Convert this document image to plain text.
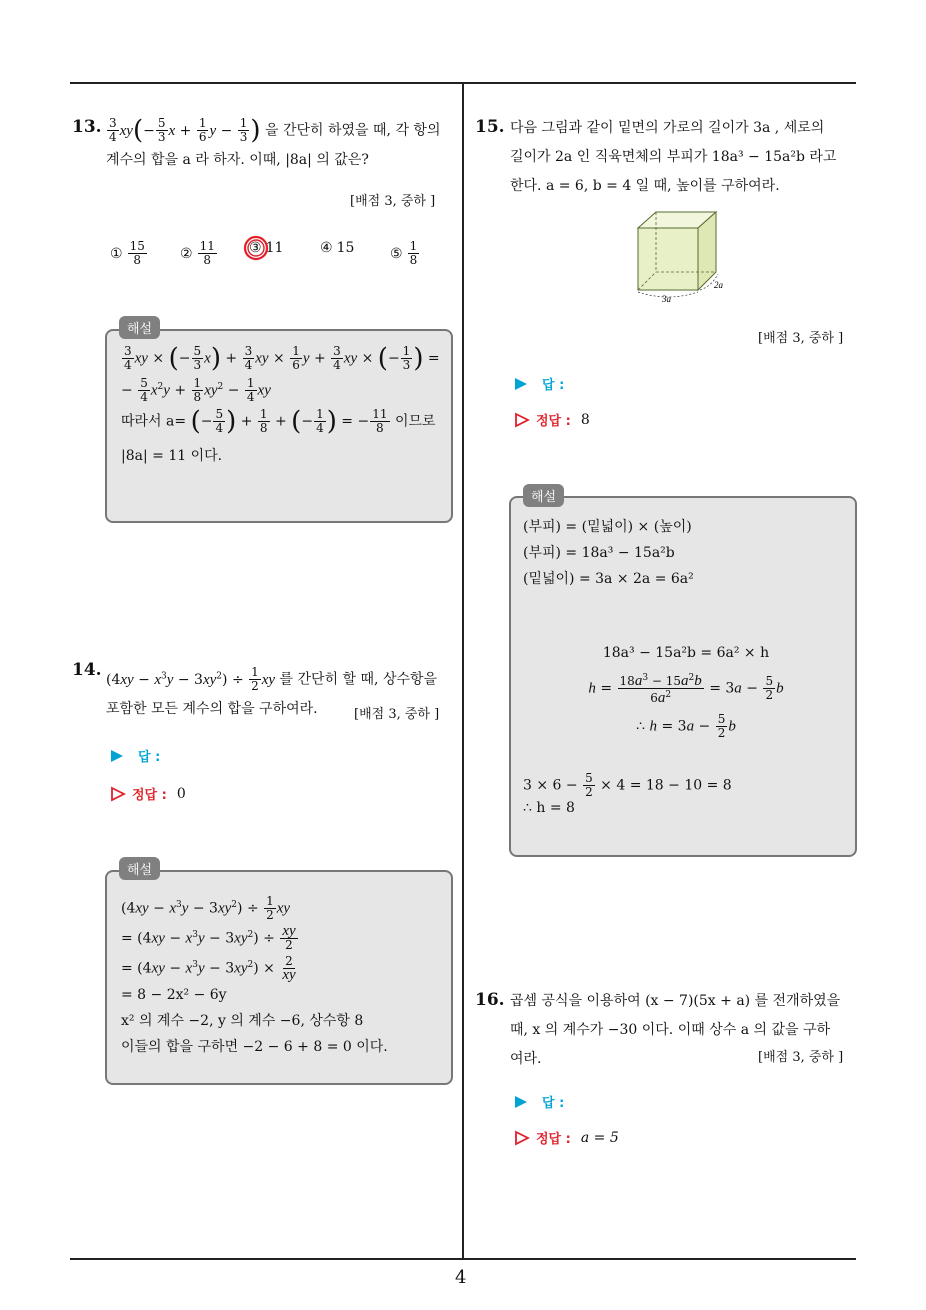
4
13. $\frac{3}{4} xy(- \frac{5}{3}$ $x + \frac{1}{6}$ $y - \frac{1}{3}$ ) 을 간단히 하였을 때, 각 항의
계수의 합을 a 라 하자. 이때, |8a| 의 값은?
[배점 3, 중하 ]
① $\frac{15}{8}$ ② $\frac{11}{8}$ ③ 11	④ 15	⑤ $\frac{1}{8}$
$\frac{3}{4}$ xy × (− $\frac{5}{3} x) + \frac{3}{4}$ xy × $\frac{1}{6}$ $y + \frac{3}{4}$ xy × (− $\frac{1}{3}$ ) =
− $\frac{5}{4} x^2y + \frac{1}{8} xy^2 - \frac{1}{4}$ xy
따라서 a= (− $\frac{5}{4}$ ) + $\frac{1}{8}$ + (− $\frac{1}{4}$ ) = − $\frac{11}{8}$ 이므로
|8a| = 11 이다.
해설
14. $(4xy - x^3y - 3xy^2) \div \frac{1}{2}$ xy 를 간단히 할 때, 상수항을
포함한 모든 계수의 합을 구하여라.	[배점 3, 중하 ]
답 :
정답 : 0
$(4xy - x^3y - 3xy^2) \div \frac{1}{2}$ xy
= $(4xy - x^3y - 3xy^2) \div \frac{xy}{2}$
= $(4xy - x^3y - 3xy^2) \times \frac{2}{xy}$
= 8 − 2x² − 6y
x² 의 계수 −2, y 의 계수 −6, 상수항 8
이들의 합을 구하면 −2 − 6 + 8 = 0 이다.
해설
15. 다음 그림과 같이 밑면의 가로의 길이가 3a , 세로의
길이가 2a 인 직육면체의 부피가 18a³ − 15a²b 라고
한다. a = 6, b = 4 일 때, 높이를 구하여라.
3a
2a
[배점 3, 중하 ]
답 :
정답 : 8
(부피) = (밑넓이) × (높이)
(부피) = 18a³ − 15a²b
(밑넓이) = 3a × 2a = 6a²
18a³ − 15a²b = 6a² × h
$h = \frac{18a^3 - 15a^2b}{6a^2} = 3a - \frac{5}{2}$ b
∴ $h = 3a - \frac{5}{2}$ b
$3 \times 6 - \frac{5}{2} \times 4 = 18 - 10 = 8$
∴ h = 8
해설
16. 곱셈 공식을 이용하여 (x − 7)(5x + a) 를 전개하였을
때, x 의 계수가 −30 이다. 이때 상수 a 의 값을 구하
여라.	[배점 3, 중하 ]
답 :
정답 : a = 5
